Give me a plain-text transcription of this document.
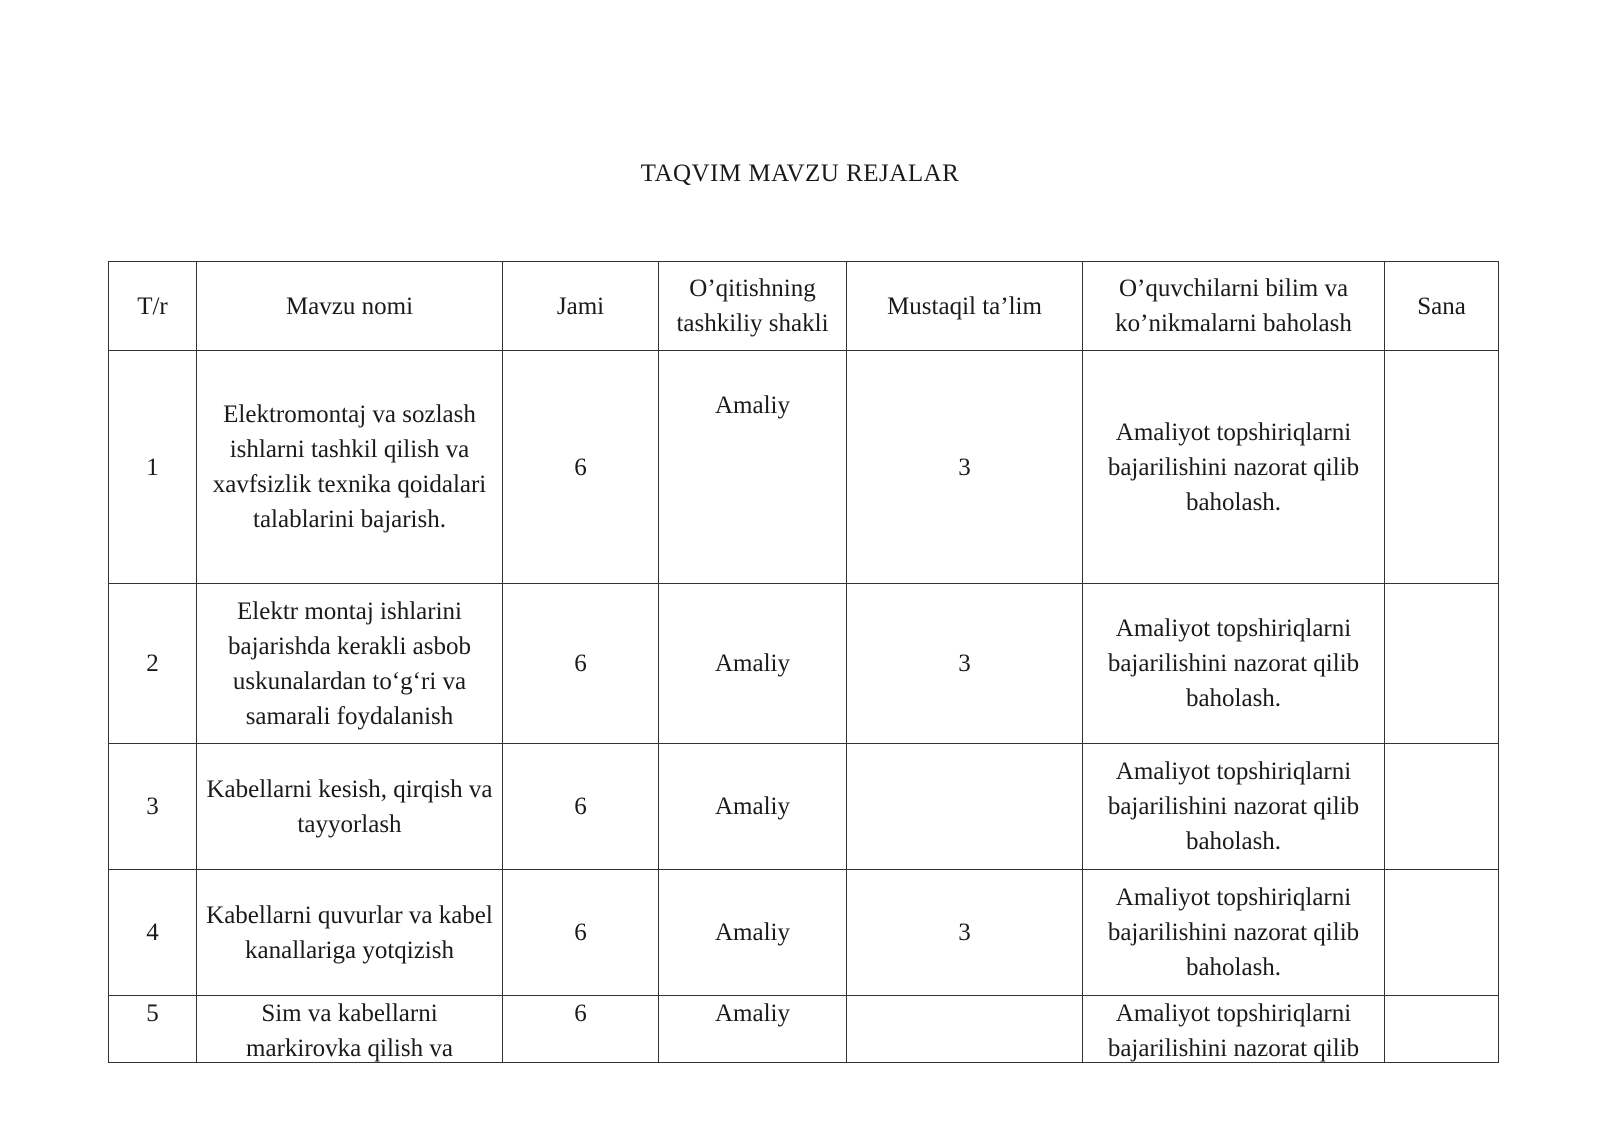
TAQVIM MAVZU REJALAR
T/r	Mavzu nomi	Jami	O’qitishning tashkiliy shakli	Mustaqil ta’lim	O’quvchilarni bilim va ko’nikmalarni baholash	Sana
1	Elektromontaj va sozlash ishlarni tashkil qilish va xavfsizlik texnika qoidalari talablarini bajarish.	6	Amaliy	3	Amaliyot topshiriqlarni bajarilishini nazorat qilib baholash.	
2	Elektr montaj ishlarini bajarishda kerakli asbob uskunalardan to‘g‘ri va samarali foydalanish	6	Amaliy	3	Amaliyot topshiriqlarni bajarilishini nazorat qilib baholash.	
3	Kabellarni kesish, qirqish va tayyorlash	6	Amaliy		Amaliyot topshiriqlarni bajarilishini nazorat qilib baholash.	
4	Kabellarni quvurlar va kabel kanallariga yotqizish	6	Amaliy	3	Amaliyot topshiriqlarni bajarilishini nazorat qilib baholash.	

5	Sim va kabellarni markirovka qilish va	6	Amaliy		Amaliyot topshiriqlarni bajarilishini nazorat qilib	
